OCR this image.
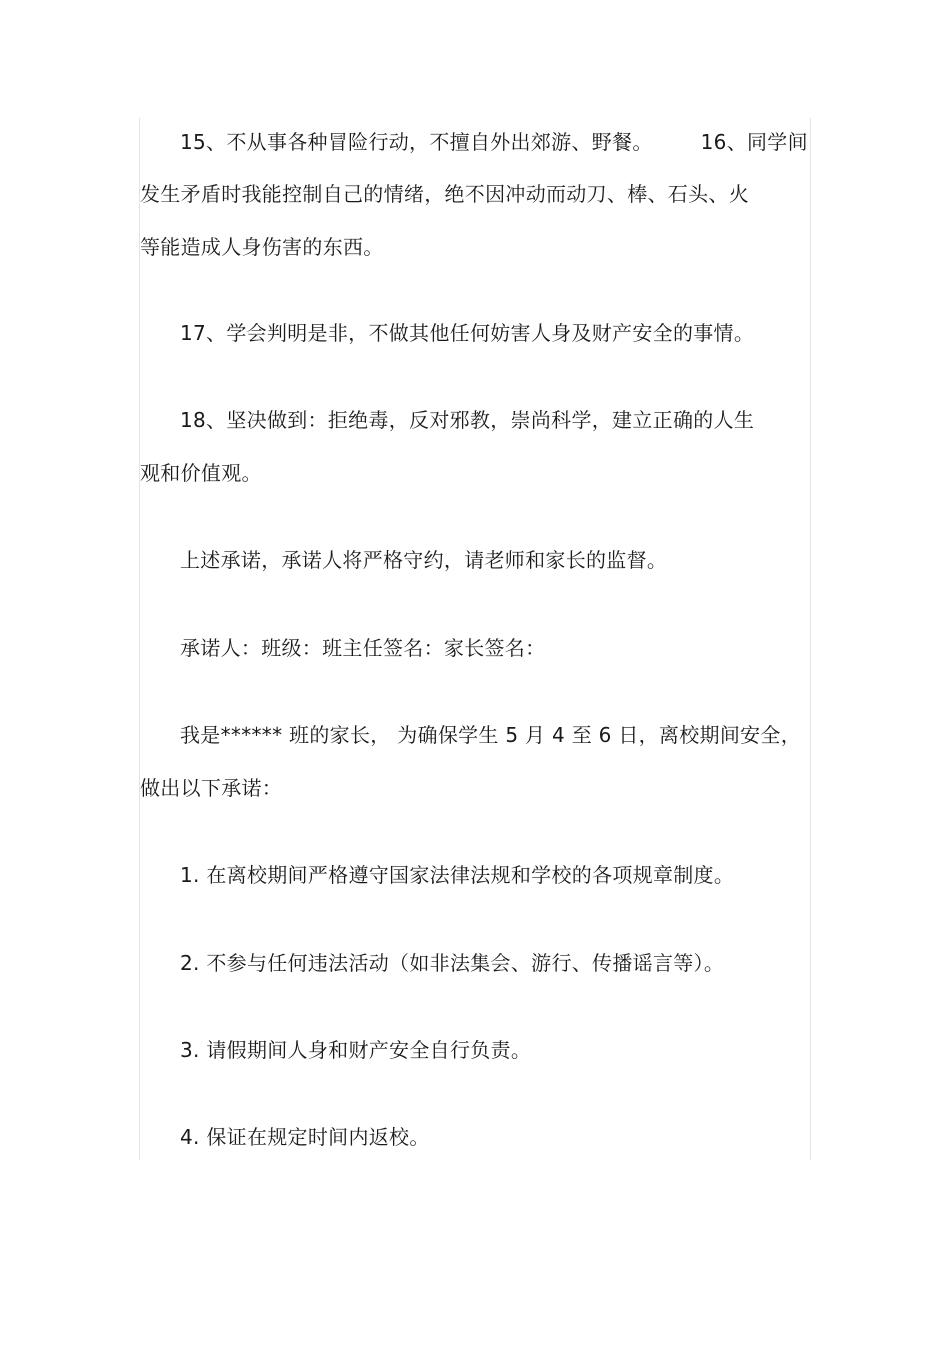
15、不从事各种冒险行动，不擅自外出郊游、野餐。 16、同学间
发生矛盾时我能控制自己的情绪，绝不因冲动而动刀、棒、石头、火
等能造成人身伤害的东西。
17、学会判明是非，不做其他任何妨害人身及财产安全的事情。
18、坚决做到：拒绝毒，反对邪教，崇尚科学，建立正确的人生
观和价值观。
上述承诺，承诺人将严格守约，请老师和家长的监督。
承诺人：班级：班主任签名：家长签名：
我是****** 班的家长， 为确保学生 5 月 4 至 6 日，离校期间安全，
做出以下承诺：
1. 在离校期间严格遵守国家法律法规和学校的各项规章制度。
2. 不参与任何违法活动（如非法集会、游行、传播谣言等）。
3. 请假期间人身和财产安全自行负责。
4. 保证在规定时间内返校。
